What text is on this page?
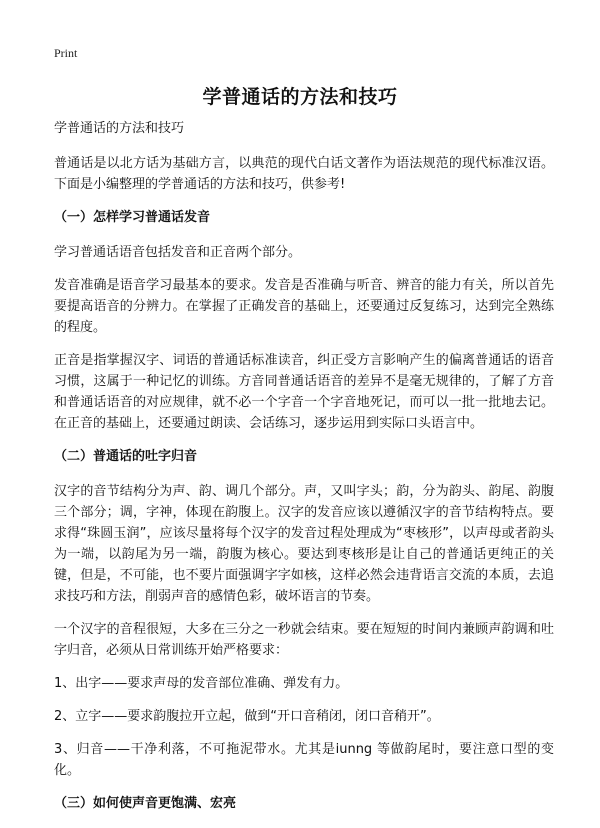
Print
学普通话的方法和技巧

学普通话的方法和技巧

普通话是以北方话为基础方言，以典范的现代白话文著作为语法规范的现代标准汉语。下面是小编整理的学普通话的方法和技巧，供参考!

（一）怎样学习普通话发音

学习普通话语音包括发音和正音两个部分。

发音准确是语音学习最基本的要求。发音是否准确与听音、辨音的能力有关，所以首先要提高语音的分辨力。在掌握了正确发音的基础上，还要通过反复练习，达到完全熟练的程度。

正音是指掌握汉字、词语的普通话标准读音，纠正受方言影响产生的偏离普通话的语音习惯，这属于一种记忆的训练。方音同普通话语音的差异不是毫无规律的，了解了方音和普通话语音的对应规律，就不必一个字音一个字音地死记，而可以一批一批地去记。在正音的基础上，还要通过朗读、会话练习，逐步运用到实际口头语言中。

（二）普通话的吐字归音

汉字的音节结构分为声、韵、调几个部分。声，又叫字头；韵，分为韵头、韵尾、韵腹三个部分；调，字神，体现在韵腹上。汉字的发音应该以遵循汉字的音节结构特点。要求得“珠圆玉润”，应该尽量将每个汉字的发音过程处理成为“枣核形”，以声母或者韵头为一端，以韵尾为另一端，韵腹为核心。要达到枣核形是让自己的普通话更纯正的关键，但是，不可能，也不要片面强调字字如核，这样必然会违背语言交流的本质，去追求技巧和方法，削弱声音的感情色彩，破坏语言的节奏。

一个汉字的音程很短，大多在三分之一秒就会结束。要在短短的时间内兼顾声韵调和吐字归音，必须从日常训练开始严格要求：

1、出字——要求声母的发音部位准确、弹发有力。

2、立字——要求韵腹拉开立起，做到“开口音稍闭，闭口音稍开”。

3、归音——干净利落，不可拖泥带水。尤其是iunng 等做韵尾时，要注意口型的变化。

（三）如何使声音更饱满、宏亮
